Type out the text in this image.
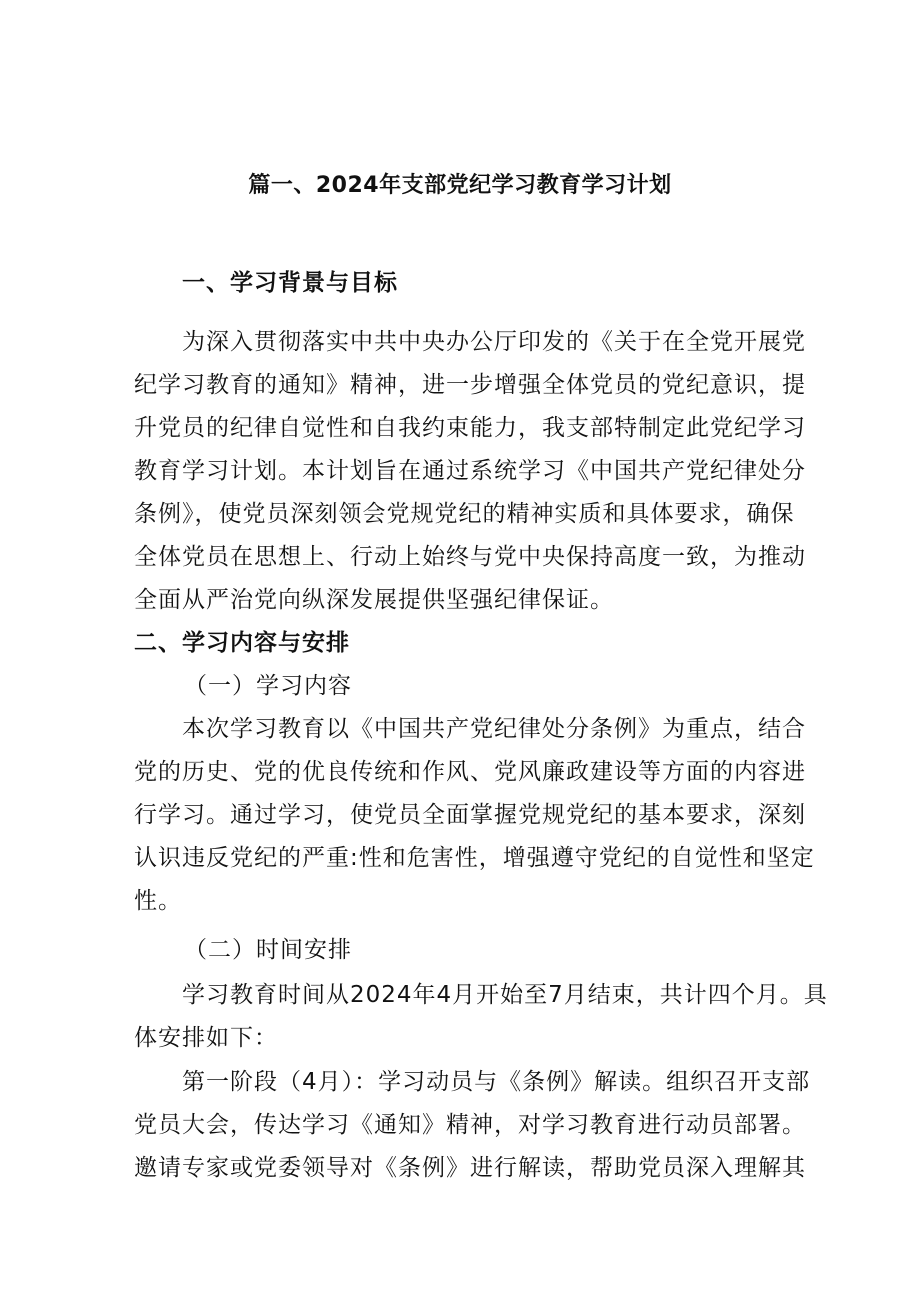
篇一、2024年支部党纪学习教育学习计划
一、学习背景与目标
为深入贯彻落实中共中央办公厅印发的《关于在全党开展党
纪学习教育的通知》精神，进一步增强全体党员的党纪意识，提
升党员的纪律自觉性和自我约束能力，我支部特制定此党纪学习
教育学习计划。本计划旨在通过系统学习《中国共产党纪律处分
条例》，使党员深刻领会党规党纪的精神实质和具体要求，确保
全体党员在思想上、行动上始终与党中央保持高度一致，为推动
全面从严治党向纵深发展提供坚强纪律保证。
二、学习内容与安排
（一）学习内容
本次学习教育以《中国共产党纪律处分条例》为重点，结合
党的历史、党的优良传统和作风、党风廉政建设等方面的内容进
行学习。通过学习，使党员全面掌握党规党纪的基本要求，深刻
认识违反党纪的严重:性和危害性，增强遵守党纪的自觉性和坚定
性。
（二）时间安排
学习教育时间从2024年4月开始至7月结束，共计四个月。具
体安排如下：
第一阶段（4月）：学习动员与《条例》解读。组织召开支部
党员大会，传达学习《通知》精神，对学习教育进行动员部署。
邀请专家或党委领导对《条例》进行解读，帮助党员深入理解其
